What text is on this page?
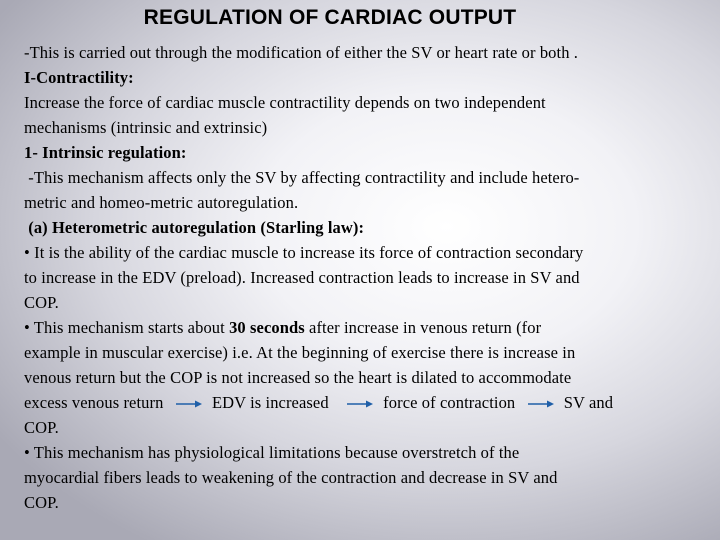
REGULATION OF CARDIAC OUTPUT
-This is carried out through the modification of either the SV or heart rate or both .
I-Contractility:
Increase the force of cardiac muscle contractility depends on two independent
mechanisms (intrinsic and extrinsic)
1- Intrinsic regulation:
-This mechanism affects only the SV by affecting contractility and include hetero-
metric and homeo-metric autoregulation.
(a) Heterometric autoregulation (Starling law):
• It is the ability of the cardiac muscle to increase its force of contraction secondary
to increase in the EDV (preload). Increased contraction leads to increase in SV and
COP.
• This mechanism starts about 30 seconds after increase in venous return (for
example in muscular exercise) i.e. At the beginning of exercise there is increase in
venous return but the COP is not increased so the heart is dilated to accommodate
excess venous return	EDV is increased	force of contraction	SV and
COP.
• This mechanism has physiological limitations because overstretch of the
myocardial fibers leads to weakening of the contraction and decrease in SV and
COP.
